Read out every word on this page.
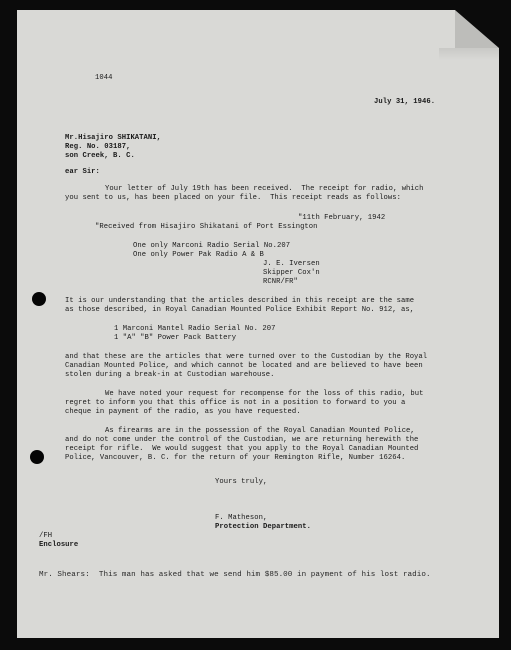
1044
July 31, 1946.
Mr.Hisajiro SHIKATANI,
Reg. No. 03187,
son Creek, B. C.
ear Sir:
Your letter of July 19th has been received.  The receipt for radio, which
you sent to us, has been placed on your file.  This receipt reads as follows:
"11th February, 1942
"Received from Hisajiro Shikatani of Port Essington
One only Marconi Radio Serial No.207
One only Power Pak Radio A & B
J. E. Iversen
Skipper Cox'n
RCNR/FR"
It is our understanding that the articles described in this receipt are the same
as those described, in Royal Canadian Mounted Police Exhibit Report No. 912, as,
1 Marconi Mantel Radio Serial No. 207
1 "A" "B" Power Pack Battery
and that these are the articles that were turned over to the Custodian by the Royal
Canadian Mounted Police, and which cannot be located and are believed to have been
stolen during a break-in at Custodian warehouse.
We have noted your request for recompense for the loss of this radio, but
regret to inform you that this office is not in a position to forward to you a
cheque in payment of the radio, as you have requested.
As firearms are in the possession of the Royal Canadian Mounted Police,
and do not come under the control of the Custodian, we are returning herewith the
receipt for rifle.  We would suggest that you apply to the Royal Canadian Mounted
Police, Vancouver, B. C. for the return of your Remington Rifle, Number 16264.
Yours truly,
F. Matheson,
Protection Department.
/FH
Enclosure
Mr. Shears:  This man has asked that we send him $85.00 in payment of his lost radio.
